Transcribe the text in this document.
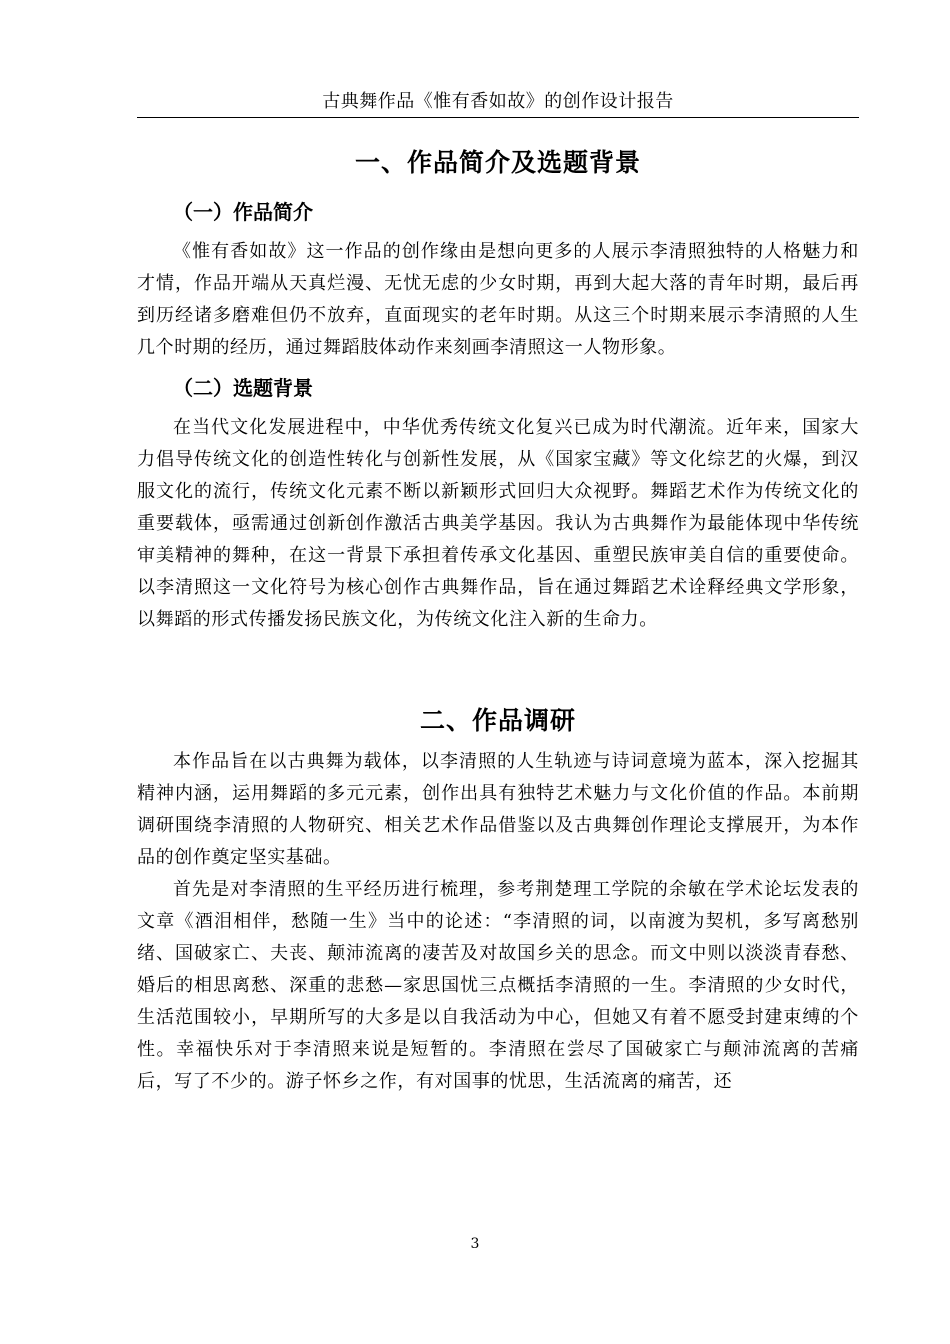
古典舞作品《惟有香如故》的创作设计报告
一、作品简介及选题背景
（一）作品简介

《惟有香如故》这一作品的创作缘由是想向更多的人展示李清照独特的人格魅力和才情，作品开端从天真烂漫、无忧无虑的少女时期，再到大起大落的青年时期，最后再到历经诸多磨难但仍不放弃，直面现实的老年时期。从这三个时期来展示李清照的人生几个时期的经历，通过舞蹈肢体动作来刻画李清照这一人物形象。

（二）选题背景

在当代文化发展进程中，中华优秀传统文化复兴已成为时代潮流。近年来，国家大力倡导传统文化的创造性转化与创新性发展，从《国家宝藏》等文化综艺的火爆，到汉服文化的流行，传统文化元素不断以新颖形式回归大众视野。舞蹈艺术作为传统文化的重要载体，亟需通过创新创作激活古典美学基因。我认为古典舞作为最能体现中华传统审美精神的舞种，在这一背景下承担着传承文化基因、重塑民族审美自信的重要使命。以李清照这一文化符号为核心创作古典舞作品，旨在通过舞蹈艺术诠释经典文学形象，以舞蹈的形式传播发扬民族文化，为传统文化注入新的生命力。

二、作品调研

本作品旨在以古典舞为载体，以李清照的人生轨迹与诗词意境为蓝本，深入挖掘其精神内涵，运用舞蹈的多元元素，创作出具有独特艺术魅力与文化价值的作品。本前期调研围绕李清照的人物研究、相关艺术作品借鉴以及古典舞创作理论支撑展开，为本作品的创作奠定坚实基础。

首先是对李清照的生平经历进行梳理，参考荆楚理工学院的余敏在学术论坛发表的文章《酒泪相伴，愁随一生》当中的论述：“李清照的词，以南渡为契机，多写离愁别绪、国破家亡、夫丧、颠沛流离的凄苦及对故国乡关的思念。而文中则以淡淡青春愁、婚后的相思离愁、深重的悲愁—家思国忧三点概括李清照的一生。李清照的少女时代，生活范围较小，早期所写的大多是以自我活动为中心，但她又有着不愿受封建束缚的个性。幸福快乐对于李清照来说是短暂的。李清照在尝尽了国破家亡与颠沛流离的苦痛后，写了不少的。游子怀乡之作，有对国事的忧思，生活流离的痛苦，还

3
